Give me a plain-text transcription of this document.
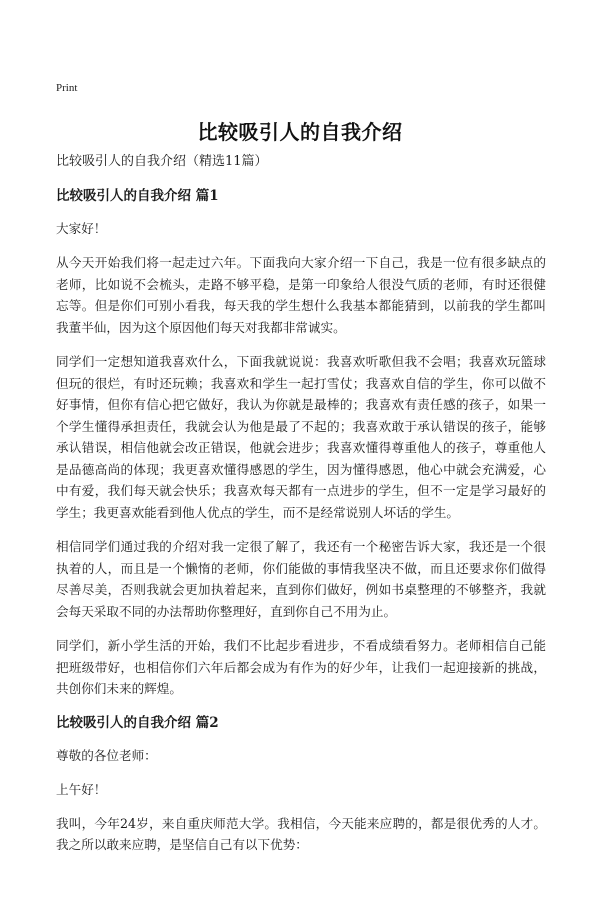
Print
比较吸引人的自我介绍

比较吸引人的自我介绍（精选11篇）

比较吸引人的自我介绍 篇1

大家好！

从今天开始我们将一起走过六年。下面我向大家介绍一下自己，我是一位有很多缺点的老师，比如说不会梳头，走路不够平稳，是第一印象给人很没气质的老师，有时还很健忘等。但是你们可别小看我，每天我的学生想什么我基本都能猜到，以前我的学生都叫我董半仙，因为这个原因他们每天对我都非常诚实。

同学们一定想知道我喜欢什么，下面我就说说：我喜欢听歌但我不会唱；我喜欢玩篮球但玩的很烂，有时还玩赖；我喜欢和学生一起打雪仗；我喜欢自信的学生，你可以做不好事情，但你有信心把它做好，我认为你就是最棒的；我喜欢有责任感的孩子，如果一个学生懂得承担责任，我就会认为他是最了不起的；我喜欢敢于承认错误的孩子，能够承认错误，相信他就会改正错误，他就会进步；我喜欢懂得尊重他人的孩子，尊重他人是品德高尚的体现；我更喜欢懂得感恩的学生，因为懂得感恩，他心中就会充满爱，心中有爱，我们每天就会快乐；我喜欢每天都有一点进步的学生，但不一定是学习最好的学生；我更喜欢能看到他人优点的学生，而不是经常说别人坏话的学生。

相信同学们通过我的介绍对我一定很了解了，我还有一个秘密告诉大家，我还是一个很执着的人，而且是一个懒惰的老师，你们能做的事情我坚决不做，而且还要求你们做得尽善尽美，否则我就会更加执着起来，直到你们做好，例如书桌整理的不够整齐，我就会每天采取不同的办法帮助你整理好，直到你自己不用为止。

同学们，新小学生活的开始，我们不比起步看进步，不看成绩看努力。老师相信自己能把班级带好，也相信你们六年后都会成为有作为的好少年，让我们一起迎接新的挑战，共创你们未来的辉煌。

比较吸引人的自我介绍 篇2

尊敬的各位老师：

上午好！

我叫，今年24岁，来自重庆师范大学。我相信，今天能来应聘的，都是很优秀的人才。我之所以敢来应聘，是坚信自己有以下优势：
